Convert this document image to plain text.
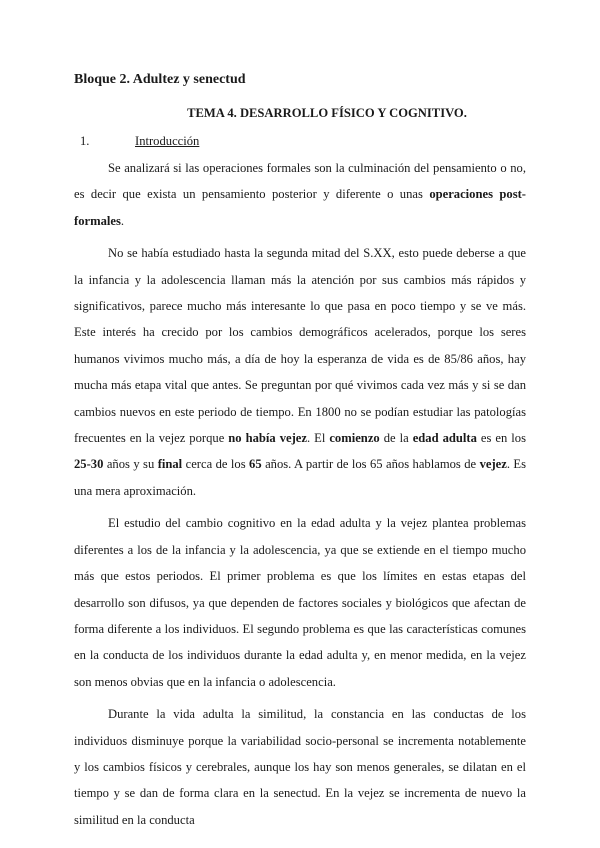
Bloque 2. Adultez y senectud
TEMA 4. DESARROLLO FÍSICO Y COGNITIVO.
1.	Introducción

Se analizará si las operaciones formales son la culminación del pensamiento o no, es decir que exista un pensamiento posterior y diferente o unas operaciones post-formales.

No se había estudiado hasta la segunda mitad del S.XX, esto puede deberse a que la infancia y la adolescencia llaman más la atención por sus cambios más rápidos y significativos, parece mucho más interesante lo que pasa en poco tiempo y se ve más. Este interés ha crecido por los cambios demográficos acelerados, porque los seres humanos vivimos mucho más, a día de hoy la esperanza de vida es de 85/86 años, hay mucha más etapa vital que antes. Se preguntan por qué vivimos cada vez más y si se dan cambios nuevos en este periodo de tiempo. En 1800 no se podían estudiar las patologías frecuentes en la vejez porque no había vejez. El comienzo de la edad adulta es en los 25-30 años y su final cerca de los 65 años. A partir de los 65 años hablamos de vejez. Es una mera aproximación.

El estudio del cambio cognitivo en la edad adulta y la vejez plantea problemas diferentes a los de la infancia y la adolescencia, ya que se extiende en el tiempo mucho más que estos periodos. El primer problema es que los límites en estas etapas del desarrollo son difusos, ya que dependen de factores sociales y biológicos que afectan de forma diferente a los individuos. El segundo problema es que las características comunes en la conducta de los individuos durante la edad adulta y, en menor medida, en la vejez son menos obvias que en la infancia o adolescencia.

Durante la vida adulta la similitud, la constancia en las conductas de los individuos disminuye porque la variabilidad socio-personal se incrementa notablemente y los cambios físicos y cerebrales, aunque los hay son menos generales, se dilatan en el tiempo y se dan de forma clara en la senectud. En la vejez se incrementa de nuevo la similitud en la conducta
